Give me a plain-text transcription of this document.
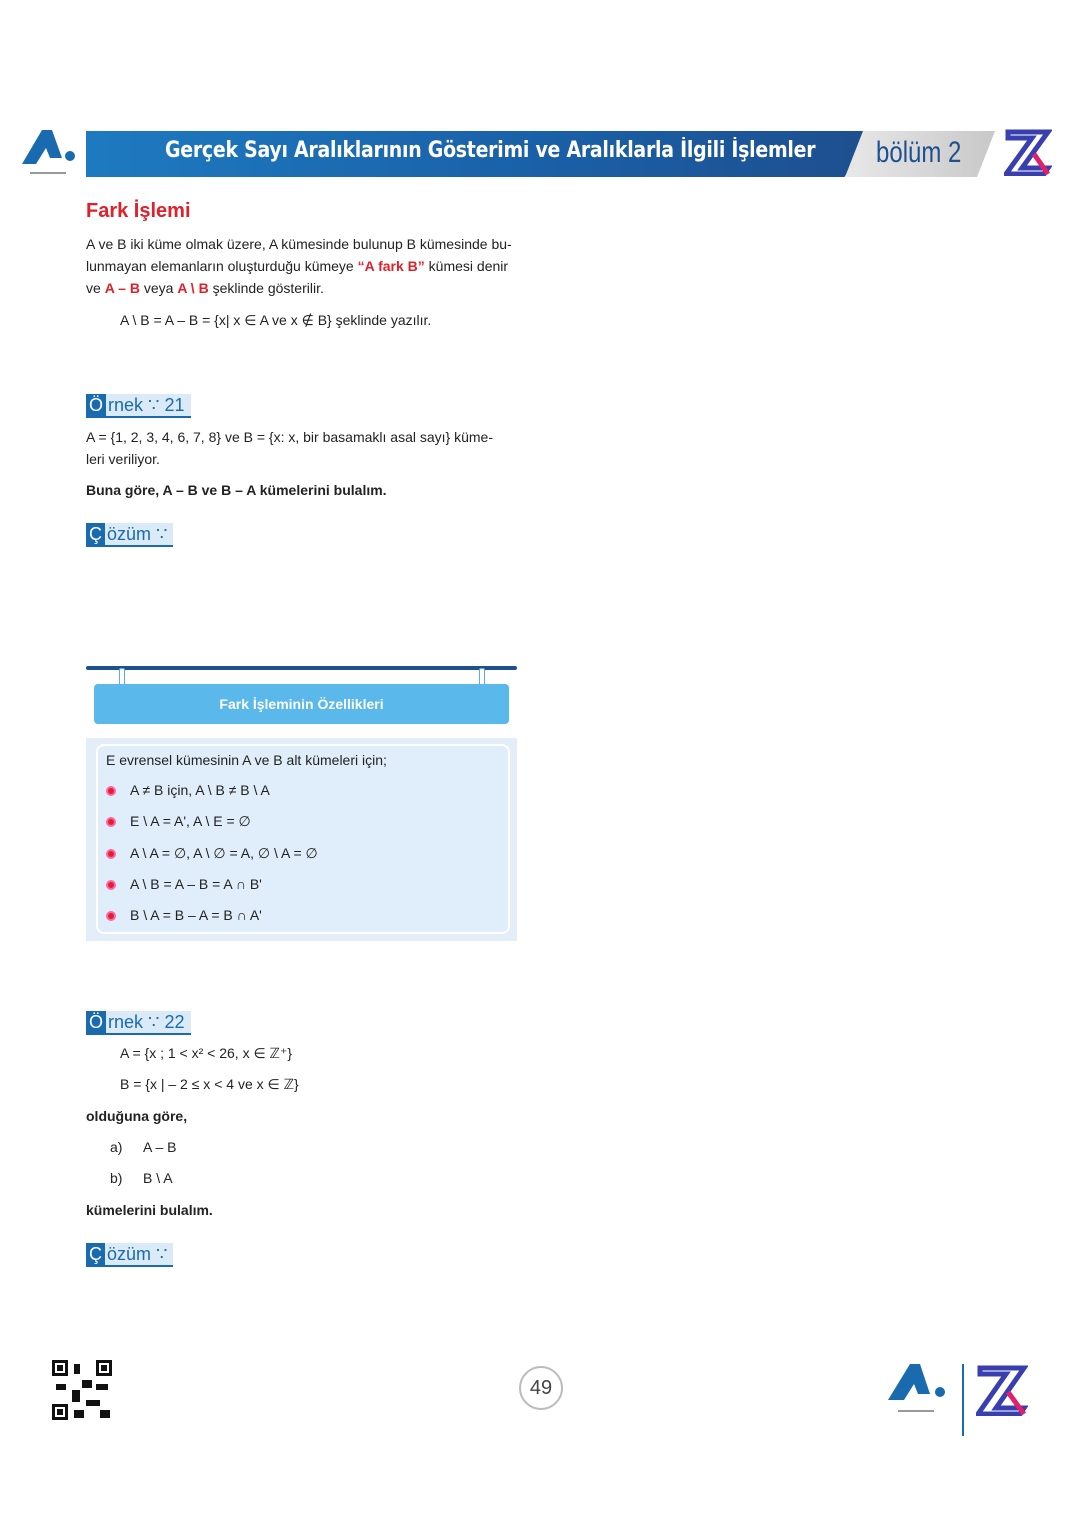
Gerçek Sayı Aralıklarının Gösterimi ve Aralıklarla İlgili İşlemler bölüm 2
Fark İşlemi
A ve B iki küme olmak üzere, A kümesinde bulunup B kümesinde bu-
lunmayan elemanların oluşturduğu kümeye “A fark B” kümesi denir
ve A – B veya A \ B şeklinde gösterilir.
A \ B = A – B = {x| x ∈ A ve x ∉ B} şeklinde yazılır.
Ö rnek ∵ 21
A = {1, 2, 3, 4, 6, 7, 8} ve B = {x: x, bir basamaklı asal sayı} küme-
leri veriliyor.
Buna göre, A – B ve B – A kümelerini bulalım.
Ç özüm ∵
Fark İşleminin Özellikleri
E evrensel kümesinin A ve B alt kümeleri için;
A ≠ B için, A \ B ≠ B \ A
E \ A = A', A \ E = ∅
A \ A = ∅, A \ ∅ = A, ∅ \ A = ∅
A \ B = A – B = A ∩ B'
B \ A = B – A = B ∩ A'
Ö rnek ∵ 22
A = {x ; 1 < x² < 26, x ∈ ℤ⁺}
B = {x | – 2 ≤ x < 4 ve x ∈ ℤ}
olduğuna göre,
a) A – B
b) B \ A
kümelerini bulalım.
Ç özüm ∵
49
